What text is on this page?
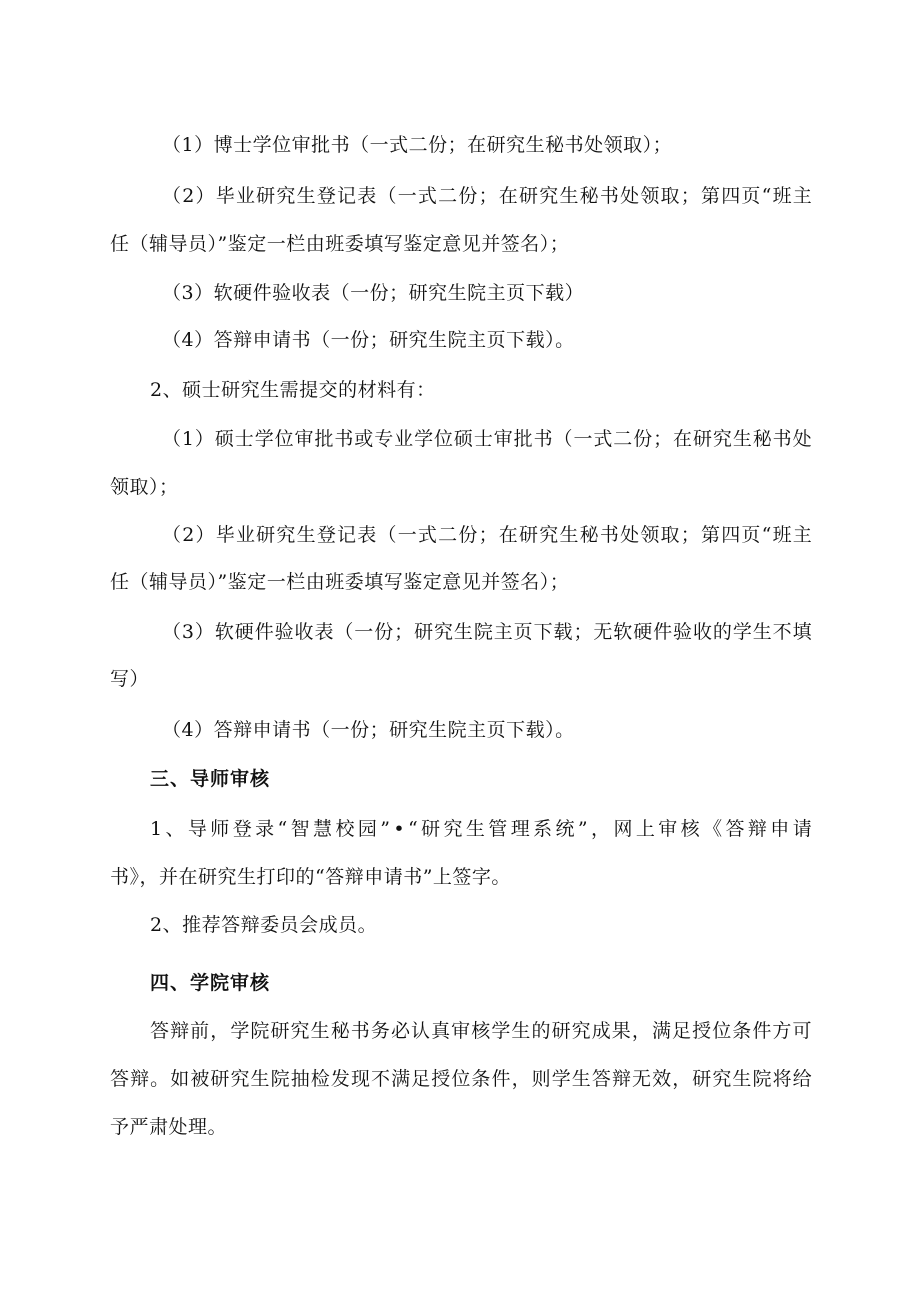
（1）博士学位审批书（一式二份；在研究生秘书处领取）；
（ 2 ） 毕 业 研 究 生 登 记 表 （ 一 式 二 份 ； 在 研 究 生 秘 书 处 领 取 ； 第 四 页 “ 班 主
任（辅导员）”鉴定一栏由班委填写鉴定意见并签名）；
（3）软硬件验收表（一份；研究生院主页下载）
（4）答辩申请书（一份；研究生院主页下载）。
2、硕士研究生需提交的材料有：
（ 1 ） 硕 士 学 位 审 批 书 或 专 业 学 位 硕 士 审 批 书 （ 一 式 二 份 ； 在 研 究 生 秘 书 处
领取）；
（ 2 ） 毕 业 研 究 生 登 记 表 （ 一 式 二 份 ； 在 研 究 生 秘 书 处 领 取 ； 第 四 页 “ 班 主
任（辅导员）”鉴定一栏由班委填写鉴定意见并签名）；
（ 3 ） 软 硬 件 验 收 表 （ 一 份 ； 研 究 生 院 主 页 下 载 ； 无 软 硬 件 验 收 的 学 生 不 填
写）
（4）答辩申请书（一份；研究生院主页下载）。
三、导师审核
1 、 导 师 登 录 “ 智 慧 校 园 ” • “ 研 究 生 管 理 系 统 ” ， 网 上 审 核 《 答 辩 申 请
书》，并在研究生打印的“答辩申请书”上签字。
2、推荐答辩委员会成员。
四、学院审核
答 辩 前 ， 学 院 研 究 生 秘 书 务 必 认 真 审 核 学 生 的 研 究 成 果 ， 满 足 授 位 条 件 方 可
答 辩 。 如 被 研 究 生 院 抽 检 发 现 不 满 足 授 位 条 件 ， 则 学 生 答 辩 无 效 ， 研 究 生 院 将 给
予严肃处理。
